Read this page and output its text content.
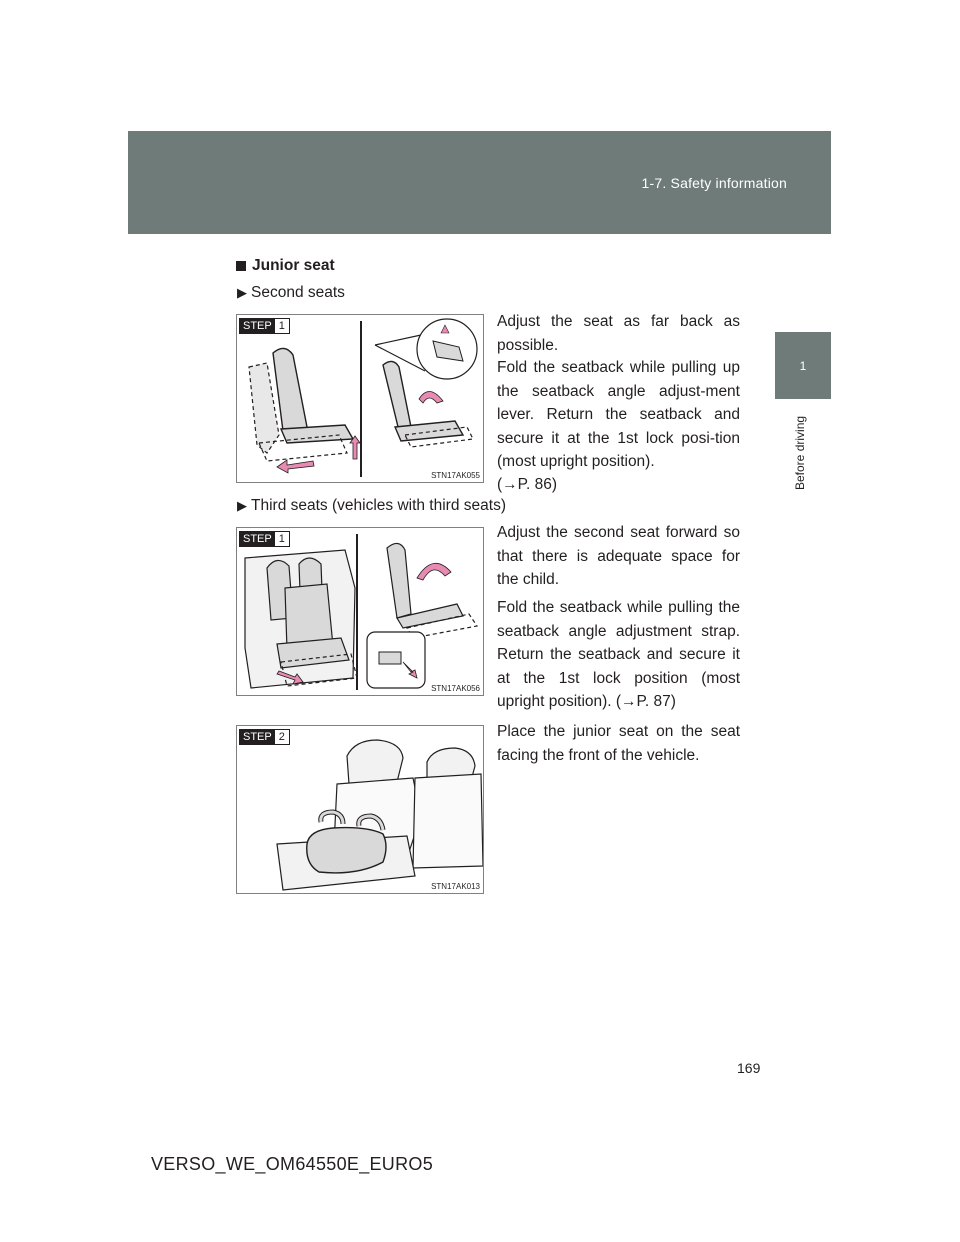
1-7. Safety information
1
Before driving
Junior seat
▶ Second seats
STEP 1
STN17AK055

Adjust the seat as far back as possible.

Fold the seatback while pulling up the seatback angle adjust-ment lever. Return the seatback and secure it at the 1st lock posi-tion (most upright position).

(→P. 86)

▶ Third seats (vehicles with third seats)
STEP 1
STN17AK056

Adjust the second seat forward so that there is adequate space for the child.

Fold the seatback while pulling the seatback angle adjustment strap. Return the seatback and secure it at the 1st lock position (most upright position). (→P. 87)

STEP 2
STN17AK013

Place the junior seat on the seat facing the front of the vehicle.

169
VERSO_WE_OM64550E_EURO5
